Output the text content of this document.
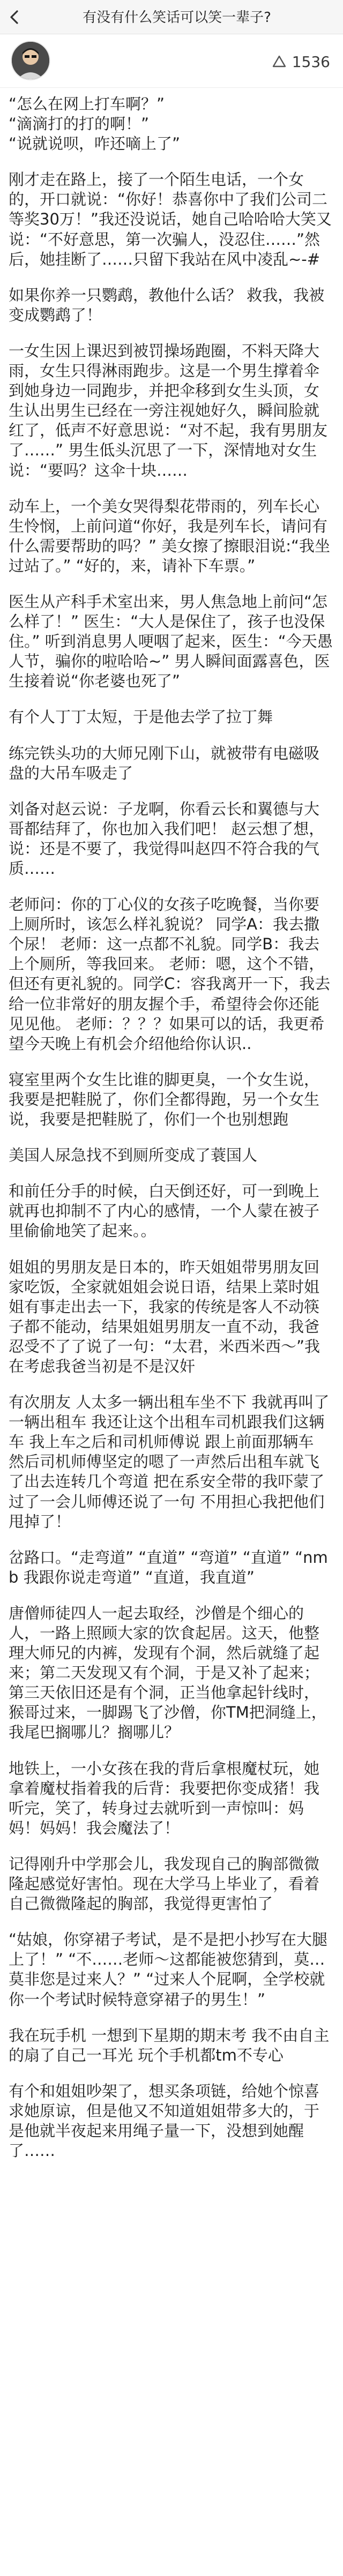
有没有什么笑话可以笑一辈子?
1536
“怎么在网上打车啊？”
“滴滴打的打的啊！”
“说就说呗，咋还嘀上了”
刚才走在路上，接了一个陌生电话，一个女的，开口就说：“你好！恭喜你中了我们公司二等奖30万！”我还没说话，她自己哈哈哈大笑又说：“不好意思，第一次骗人，没忍住……”然后，她挂断了……只留下我站在风中凌乱~-#
如果你养一只鹦鹉，教他什么话？ 救我，我被变成鹦鹉了！
一女生因上课迟到被罚操场跑圈，不料天降大雨，女生只得淋雨跑步。这是一个男生撑着伞到她身边一同跑步，并把伞移到女生头顶，女生认出男生已经在一旁注视她好久，瞬间脸就红了，低声不好意思说：“对不起，我有男朋友了……” 男生低头沉思了一下，深情地对女生说：“要吗？这伞十块……
动车上，一个美女哭得梨花带雨的，列车长心生怜悯，上前问道“你好，我是列车长，请问有什么需要帮助的吗？” 美女擦了擦眼泪说:“我坐过站了。” “好的，来，请补下车票。”
医生从产科手术室出来，男人焦急地上前问“怎么样了！” 医生：“大人是保住了，孩子也没保住。” 听到消息男人哽咽了起来，医生：“今天愚人节，骗你的啦哈哈~” 男人瞬间面露喜色，医生接着说“你老婆也死了”
有个人丁丁太短，于是他去学了拉丁舞
练完铁头功的大师兄刚下山，就被带有电磁吸盘的大吊车吸走了
刘备对赵云说：子龙啊，你看云长和翼德与大哥都结拜了，你也加入我们吧！ 赵云想了想，说：还是不要了，我觉得叫赵四不符合我的气质……
老师问：你的丁心仪的女孩子吃晚餐，当你要上厕所时，该怎么样礼貌说？ 同学A：我去撒个尿！ 老师：这一点都不礼貌。同学B：我去上个厕所，等我回来。 老师：嗯，这个不错，但还有更礼貌的。同学C：容我离开一下，我去给一位非常好的朋友握个手，希望待会你还能见见他。 老师：？？？如果可以的话，我更希望今天晚上有机会介绍他给你认识..
寝室里两个女生比谁的脚更臭，一个女生说，我要是把鞋脱了，你们全都得跑，另一个女生说，我要是把鞋脱了，你们一个也别想跑
美国人尿急找不到厕所变成了蓑国人
和前任分手的时候，白天倒还好，可一到晚上就再也抑制不了内心的感情，一个人蒙在被子里偷偷地笑了起来。。
姐姐的男朋友是日本的，昨天姐姐带男朋友回家吃饭，全家就姐姐会说日语，结果上菜时姐姐有事走出去一下，我家的传统是客人不动筷子都不能动，结果姐姐男朋友一直不动，我爸忍受不了了说了一句：“太君，米西米西～”我在考虑我爸当初是不是汉奸
有次朋友 人太多一辆出租车坐不下 我就再叫了一辆出租车 我还让这个出租车司机跟我们这辆车 我上车之后和司机师傅说 跟上前面那辆车 然后司机师傅坚定的嗯了一声然后出租车就飞了出去连转几个弯道 把在系安全带的我吓蒙了 过了一会儿师傅还说了一句 不用担心我把他们甩掉了！
岔路口。“走弯道” “直道” “弯道” “直道” “nmb 我跟你说走弯道” “直道，我直道”
唐僧师徒四人一起去取经，沙僧是个细心的人，一路上照顾大家的饮食起居。这天，他整理大师兄的内裤，发现有个洞，然后就缝了起来；第二天发现又有个洞，于是又补了起来；第三天依旧还是有个洞，正当他拿起针线时，猴哥过来，一脚踢飞了沙僧，你TM把洞缝上，我尾巴搁哪儿？搁哪儿？
地铁上，一小女孩在我的背后拿根魔杖玩，她拿着魔杖指着我的后背：我要把你变成猪！我听完，笑了，转身过去就听到一声惊叫：妈妈！妈妈！我会魔法了！
记得刚升中学那会儿，我发现自己的胸部微微隆起感觉好害怕。现在大学马上毕业了，看着自己微微隆起的胸部，我觉得更害怕了
“姑娘，你穿裙子考试，是不是把小抄写在大腿上了！” “不……老师～这都能被您猜到，莫…莫非您是过来人？” “过来人个屁啊，全学校就你一个考试时候特意穿裙子的男生！”
我在玩手机 一想到下星期的期末考 我不由自主的扇了自己一耳光 玩个手机都tm不专心
有个和姐姐吵架了，想买条项链，给她个惊喜求她原谅，但是他又不知道姐姐带多大的，于是他就半夜起来用绳子量一下，没想到她醒了……
